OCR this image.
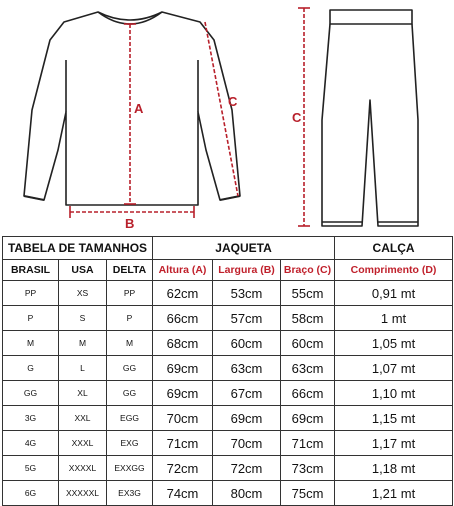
A
B
C
C
TABELA DE TAMANHOS			JAQUETA			CALÇA
BRASIL	USA	DELTA	Altura (A)	Largura (B)	Braço (C)	Comprimento (D)
PP	XS	PP	62cm	53cm	55cm	0,91 mt
P	S	P	66cm	57cm	58cm	1 mt
M	M	M	68cm	60cm	60cm	1,05 mt
G	L	GG	69cm	63cm	63cm	1,07 mt
GG	XL	GG	69cm	67cm	66cm	1,10 mt
3G	XXL	EGG	70cm	69cm	69cm	1,15 mt
4G	XXXL	EXG	71cm	70cm	71cm	1,17 mt
5G	XXXXL	EXXGG	72cm	72cm	73cm	1,18 mt
6G	XXXXXL	EX3G	74cm	80cm	75cm	1,21 mt
